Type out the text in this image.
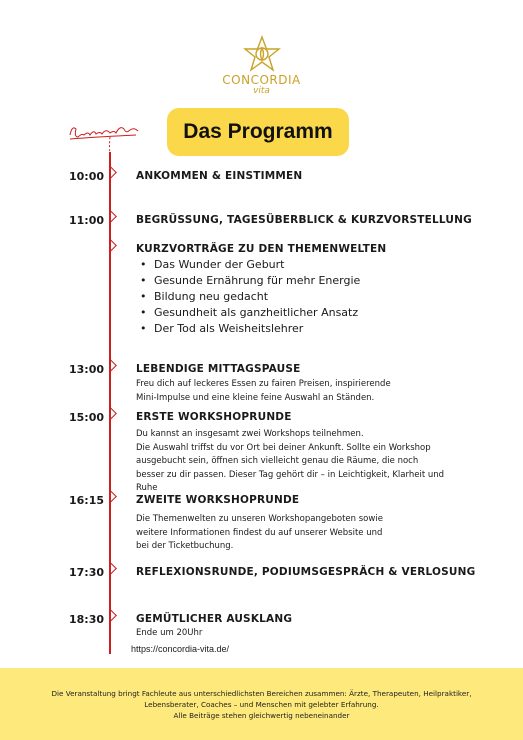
CONCORDIA
vita
Das Programm
10:00	ANKOMMEN & EINSTIMMEN
11:00	BEGRÜSSUNG, TAGESÜBERBLICK & KURZVORSTELLUNG
KURZVORTRÄGE ZU DEN THEMENWELTEN
• Das Wunder der Geburt
• Gesunde Ernährung für mehr Energie
• Bildung neu gedacht
• Gesundheit als ganzheitlicher Ansatz
• Der Tod als Weisheitslehrer
13:00	LEBENDIGE MITTAGSPAUSE
Freu dich auf leckeres Essen zu fairen Preisen, inspirierende
Mini-Impulse und eine kleine feine Auswahl an Ständen.
15:00	ERSTE WORKSHOPRUNDE
Du kannst an insgesamt zwei Workshops teilnehmen.
Die Auswahl triffst du vor Ort bei deiner Ankunft. Sollte ein Workshop
ausgebucht sein, öffnen sich vielleicht genau die Räume, die noch
besser zu dir passen. Dieser Tag gehört dir – in Leichtigkeit, Klarheit und
Ruhe
16:15	ZWEITE WORKSHOPRUNDE
Die Themenwelten zu unseren Workshopangeboten sowie
weitere Informationen findest du auf unserer Website und
bei der Ticketbuchung.
17:30	REFLEXIONSRUNDE, PODIUMSGESPRÄCH & VERLOSUNG
18:30	GEMÜTLICHER AUSKLANG
Ende um 20Uhr
https://concordia-vita.de/
Die Veranstaltung bringt Fachleute aus unterschiedlichsten Bereichen zusammen: Ärzte, Therapeuten, Heilpraktiker,
Lebensberater, Coaches – und Menschen mit gelebter Erfahrung.
Alle Beiträge stehen gleichwertig nebeneinander
